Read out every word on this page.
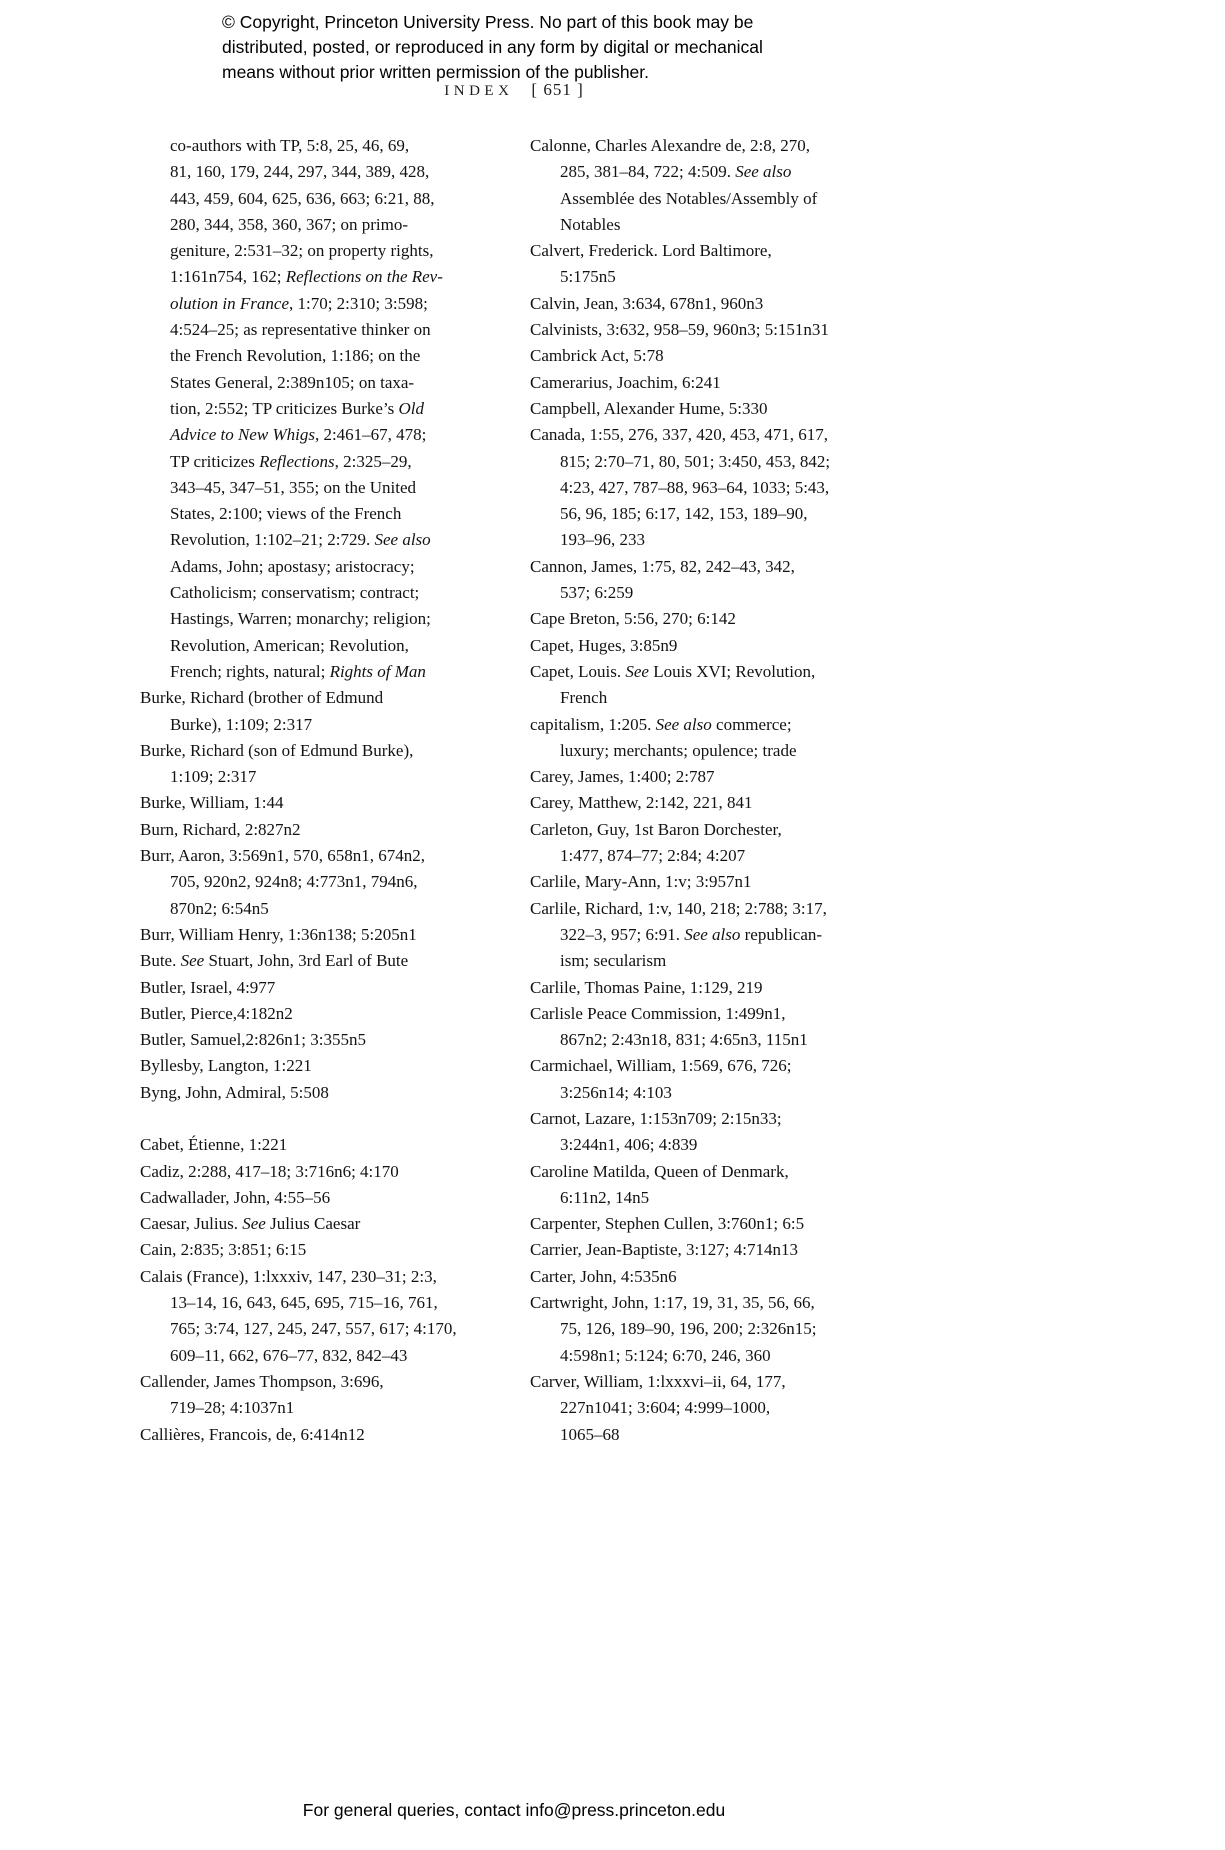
© Copyright, Princeton University Press. No part of this book may be
distributed, posted, or reproduced in any form by digital or mechanical
means without prior written permission of the publisher.
INDEX [ 651 ]
co-authors with TP, 5:8, 25, 46, 69,
81, 160, 179, 244, 297, 344, 389, 428,
443, 459, 604, 625, 636, 663; 6:21, 88,
280, 344, 358, 360, 367; on primo-
geniture, 2:531–32; on property rights,
1:161n754, 162; Reflections on the Rev-
olution in France, 1:70; 2:310; 3:598;
4:524–25; as representative thinker on
the French Revolution, 1:186; on the
States General, 2:389n105; on taxa-
tion, 2:552; TP criticizes Burke’s Old
Advice to New Whigs, 2:461–67, 478;
TP criticizes Reflections, 2:325–29,
343–45, 347–51, 355; on the United
States, 2:100; views of the French
Revolution, 1:102–21; 2:729. See also
Adams, John; apostasy; aristocracy;
Catholicism; conservatism; contract;
Hastings, Warren; monarchy; religion;
Revolution, American; Revolution,
French; rights, natural; Rights of Man
Burke, Richard (brother of Edmund
Burke), 1:109; 2:317
Burke, Richard (son of Edmund Burke),
1:109; 2:317
Burke, William, 1:44
Burn, Richard, 2:827n2
Burr, Aaron, 3:569n1, 570, 658n1, 674n2,
705, 920n2, 924n8; 4:773n1, 794n6,
870n2; 6:54n5
Burr, William Henry, 1:36n138; 5:205n1
Bute. See Stuart, John, 3rd Earl of Bute
Butler, Israel, 4:977
Butler, Pierce,4:182n2
Butler, Samuel,2:826n1; 3:355n5
Byllesby, Langton, 1:221
Byng, John, Admiral, 5:508
Cabet, Étienne, 1:221
Cadiz, 2:288, 417–18; 3:716n6; 4:170
Cadwallader, John, 4:55–56
Caesar, Julius. See Julius Caesar
Cain, 2:835; 3:851; 6:15
Calais (France), 1:lxxxiv, 147, 230–31; 2:3,
13–14, 16, 643, 645, 695, 715–16, 761,
765; 3:74, 127, 245, 247, 557, 617; 4:170,
609–11, 662, 676–77, 832, 842–43
Callender, James Thompson, 3:696,
719–28; 4:1037n1
Callières, Francois, de, 6:414n12
Calonne, Charles Alexandre de, 2:8, 270,
285, 381–84, 722; 4:509. See also
Assemblée des Notables/Assembly of
Notables
Calvert, Frederick. Lord Baltimore,
5:175n5
Calvin, Jean, 3:634, 678n1, 960n3
Calvinists, 3:632, 958–59, 960n3; 5:151n31
Cambrick Act, 5:78
Camerarius, Joachim, 6:241
Campbell, Alexander Hume, 5:330
Canada, 1:55, 276, 337, 420, 453, 471, 617,
815; 2:70–71, 80, 501; 3:450, 453, 842;
4:23, 427, 787–88, 963–64, 1033; 5:43,
56, 96, 185; 6:17, 142, 153, 189–90,
193–96, 233
Cannon, James, 1:75, 82, 242–43, 342,
537; 6:259
Cape Breton, 5:56, 270; 6:142
Capet, Huges, 3:85n9
Capet, Louis. See Louis XVI; Revolution,
French
capitalism, 1:205. See also commerce;
luxury; merchants; opulence; trade
Carey, James, 1:400; 2:787
Carey, Matthew, 2:142, 221, 841
Carleton, Guy, 1st Baron Dorchester,
1:477, 874–77; 2:84; 4:207
Carlile, Mary-Ann, 1:v; 3:957n1
Carlile, Richard, 1:v, 140, 218; 2:788; 3:17,
322–3, 957; 6:91. See also republican-
ism; secularism
Carlile, Thomas Paine, 1:129, 219
Carlisle Peace Commission, 1:499n1,
867n2; 2:43n18, 831; 4:65n3, 115n1
Carmichael, William, 1:569, 676, 726;
3:256n14; 4:103
Carnot, Lazare, 1:153n709; 2:15n33;
3:244n1, 406; 4:839
Caroline Matilda, Queen of Denmark,
6:11n2, 14n5
Carpenter, Stephen Cullen, 3:760n1; 6:5
Carrier, Jean-Baptiste, 3:127; 4:714n13
Carter, John, 4:535n6
Cartwright, John, 1:17, 19, 31, 35, 56, 66,
75, 126, 189–90, 196, 200; 2:326n15;
4:598n1; 5:124; 6:70, 246, 360
Carver, William, 1:lxxxvi–ii, 64, 177,
227n1041; 3:604; 4:999–1000,
1065–68
For general queries, contact info@press.princeton.edu
